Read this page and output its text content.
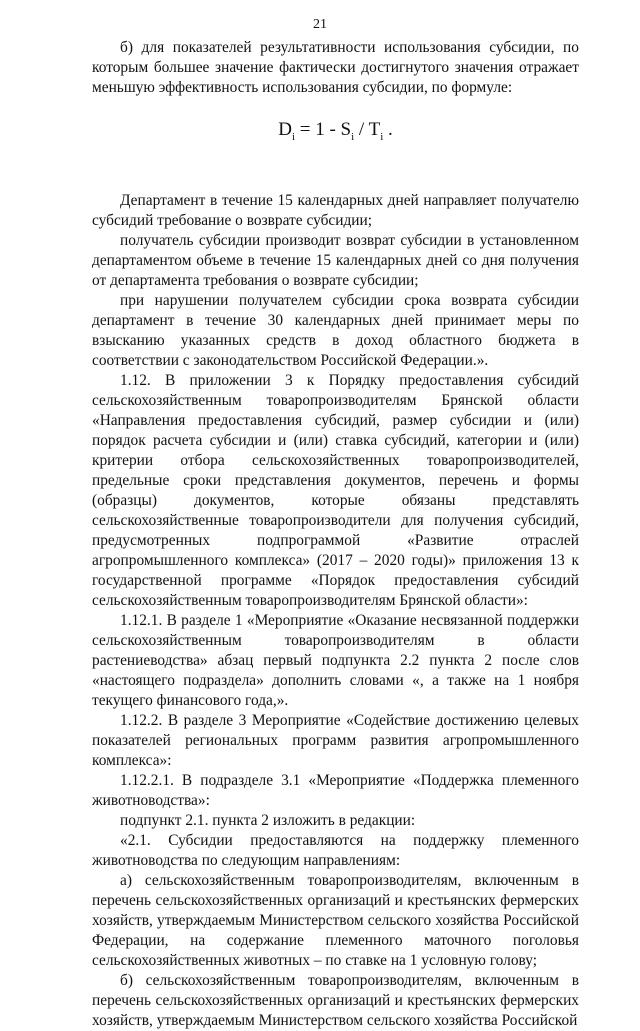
21

б) для показателей результативности использования субсидии, по которым большее значение фактически достигнутого значения отражает меньшую эффективность использования субсидии, по формуле:

$D_i = 1 - S_i / T_i$ .

Департамент в течение 15 календарных дней направляет получателю субсидий требование о возврате субсидии;

получатель субсидии производит возврат субсидии в установленном департаментом объеме в течение 15 календарных дней со дня получения от департамента требования о возврате субсидии;

при нарушении получателем субсидии срока возврата субсидии департамент в течение 30 календарных дней принимает меры по взысканию указанных средств в доход областного бюджета в соответствии с законодательством Российской Федерации.».

1.12. В приложении 3 к Порядку предоставления субсидий сельскохозяйственным товаропроизводителям Брянской области «Направления предоставления субсидий, размер субсидии и (или) порядок расчета субсидии и (или) ставка субсидий, категории и (или) критерии отбора сельскохозяйственных товаропроизводителей, предельные сроки представления документов, перечень и формы (образцы) документов, которые обязаны представлять сельскохозяйственные товаропроизводители для получения субсидий, предусмотренных подпрограммой «Развитие отраслей агропромышленного комплекса» (2017 – 2020 годы)» приложения 13 к государственной программе «Порядок предоставления субсидий сельскохозяйственным товаропроизводителям Брянской области»:

1.12.1. В разделе 1 «Мероприятие «Оказание несвязанной поддержки сельскохозяйственным товаропроизводителям в области растениеводства» абзац первый подпункта 2.2 пункта 2 после слов «настоящего подраздела» дополнить словами «, а также на 1 ноября текущего финансового года,».

1.12.2. В разделе 3 Мероприятие «Содействие достижению целевых показателей региональных программ развития агропромышленного комплекса»:

1.12.2.1. В подразделе 3.1 «Мероприятие «Поддержка племенного животноводства»:

подпункт 2.1. пункта 2 изложить в редакции:

«2.1. Субсидии предоставляются на поддержку племенного животноводства по следующим направлениям:

а) сельскохозяйственным товаропроизводителям, включенным в перечень сельскохозяйственных организаций и крестьянских фермерских хозяйств, утверждаемым Министерством сельского хозяйства Российской Федерации, на содержание племенного маточного поголовья сельскохозяйственных животных – по ставке на 1 условную голову;

б) сельскохозяйственным товаропроизводителям, включенным в перечень сельскохозяйственных организаций и крестьянских фермерских хозяйств, утверждаемым Министерством сельского хозяйства Российской
